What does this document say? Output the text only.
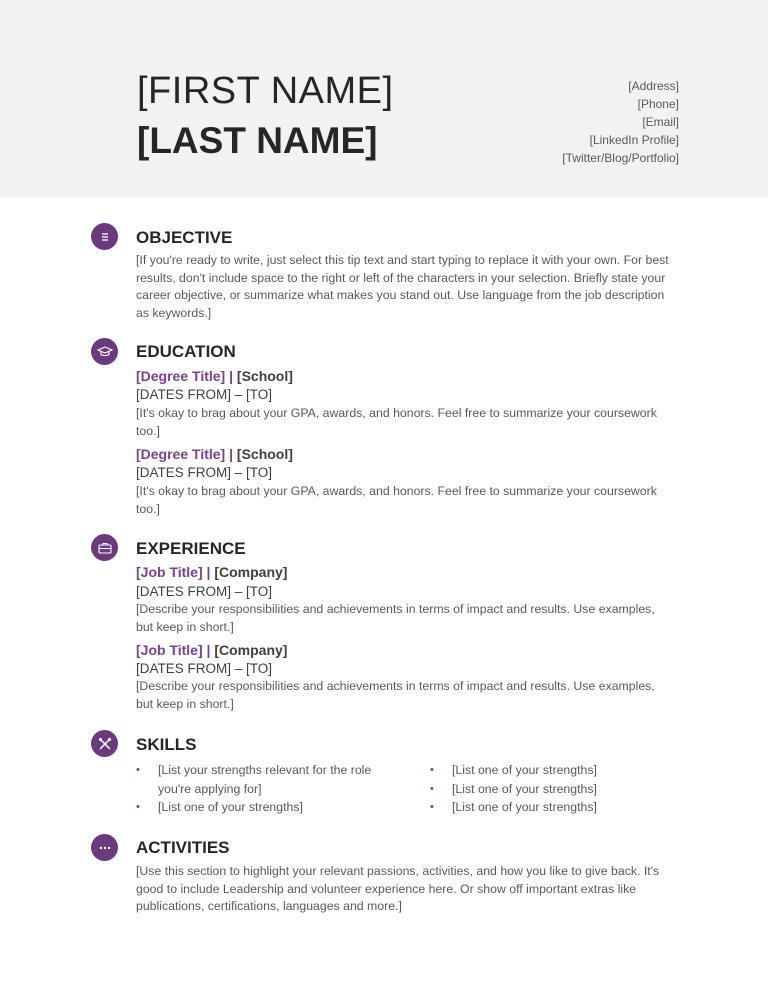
[FIRST NAME]
[LAST NAME]
[Address]
[Phone]
[Email]
[LinkedIn Profile]
[Twitter/Blog/Portfolio]
OBJECTIVE
[If you're ready to write, just select this tip text and start typing to replace it with your own. For best results, don't include space to the right or left of the characters in your selection. Briefly state your career objective, or summarize what makes you stand out. Use language from the job description as keywords.]
EDUCATION
[Degree Title] | [School]
[DATES FROM] – [TO]
[It's okay to brag about your GPA, awards, and honors. Feel free to summarize your coursework too.]
[Degree Title] | [School]
[DATES FROM] – [TO]
[It's okay to brag about your GPA, awards, and honors. Feel free to summarize your coursework too.]
EXPERIENCE
[Job Title] | [Company]
[DATES FROM] – [TO]
[Describe your responsibilities and achievements in terms of impact and results. Use examples, but keep in short.]
[Job Title] | [Company]
[DATES FROM] – [TO]
[Describe your responsibilities and achievements in terms of impact and results. Use examples, but keep in short.]
SKILLS
• [List your strengths relevant for the role you're applying for]
• [List one of your strengths]
• [List one of your strengths]
• [List one of your strengths]
• [List one of your strengths]
ACTIVITIES
[Use this section to highlight your relevant passions, activities, and how you like to give back. It's good to include Leadership and volunteer experience here. Or show off important extras like publications, certifications, languages and more.]
